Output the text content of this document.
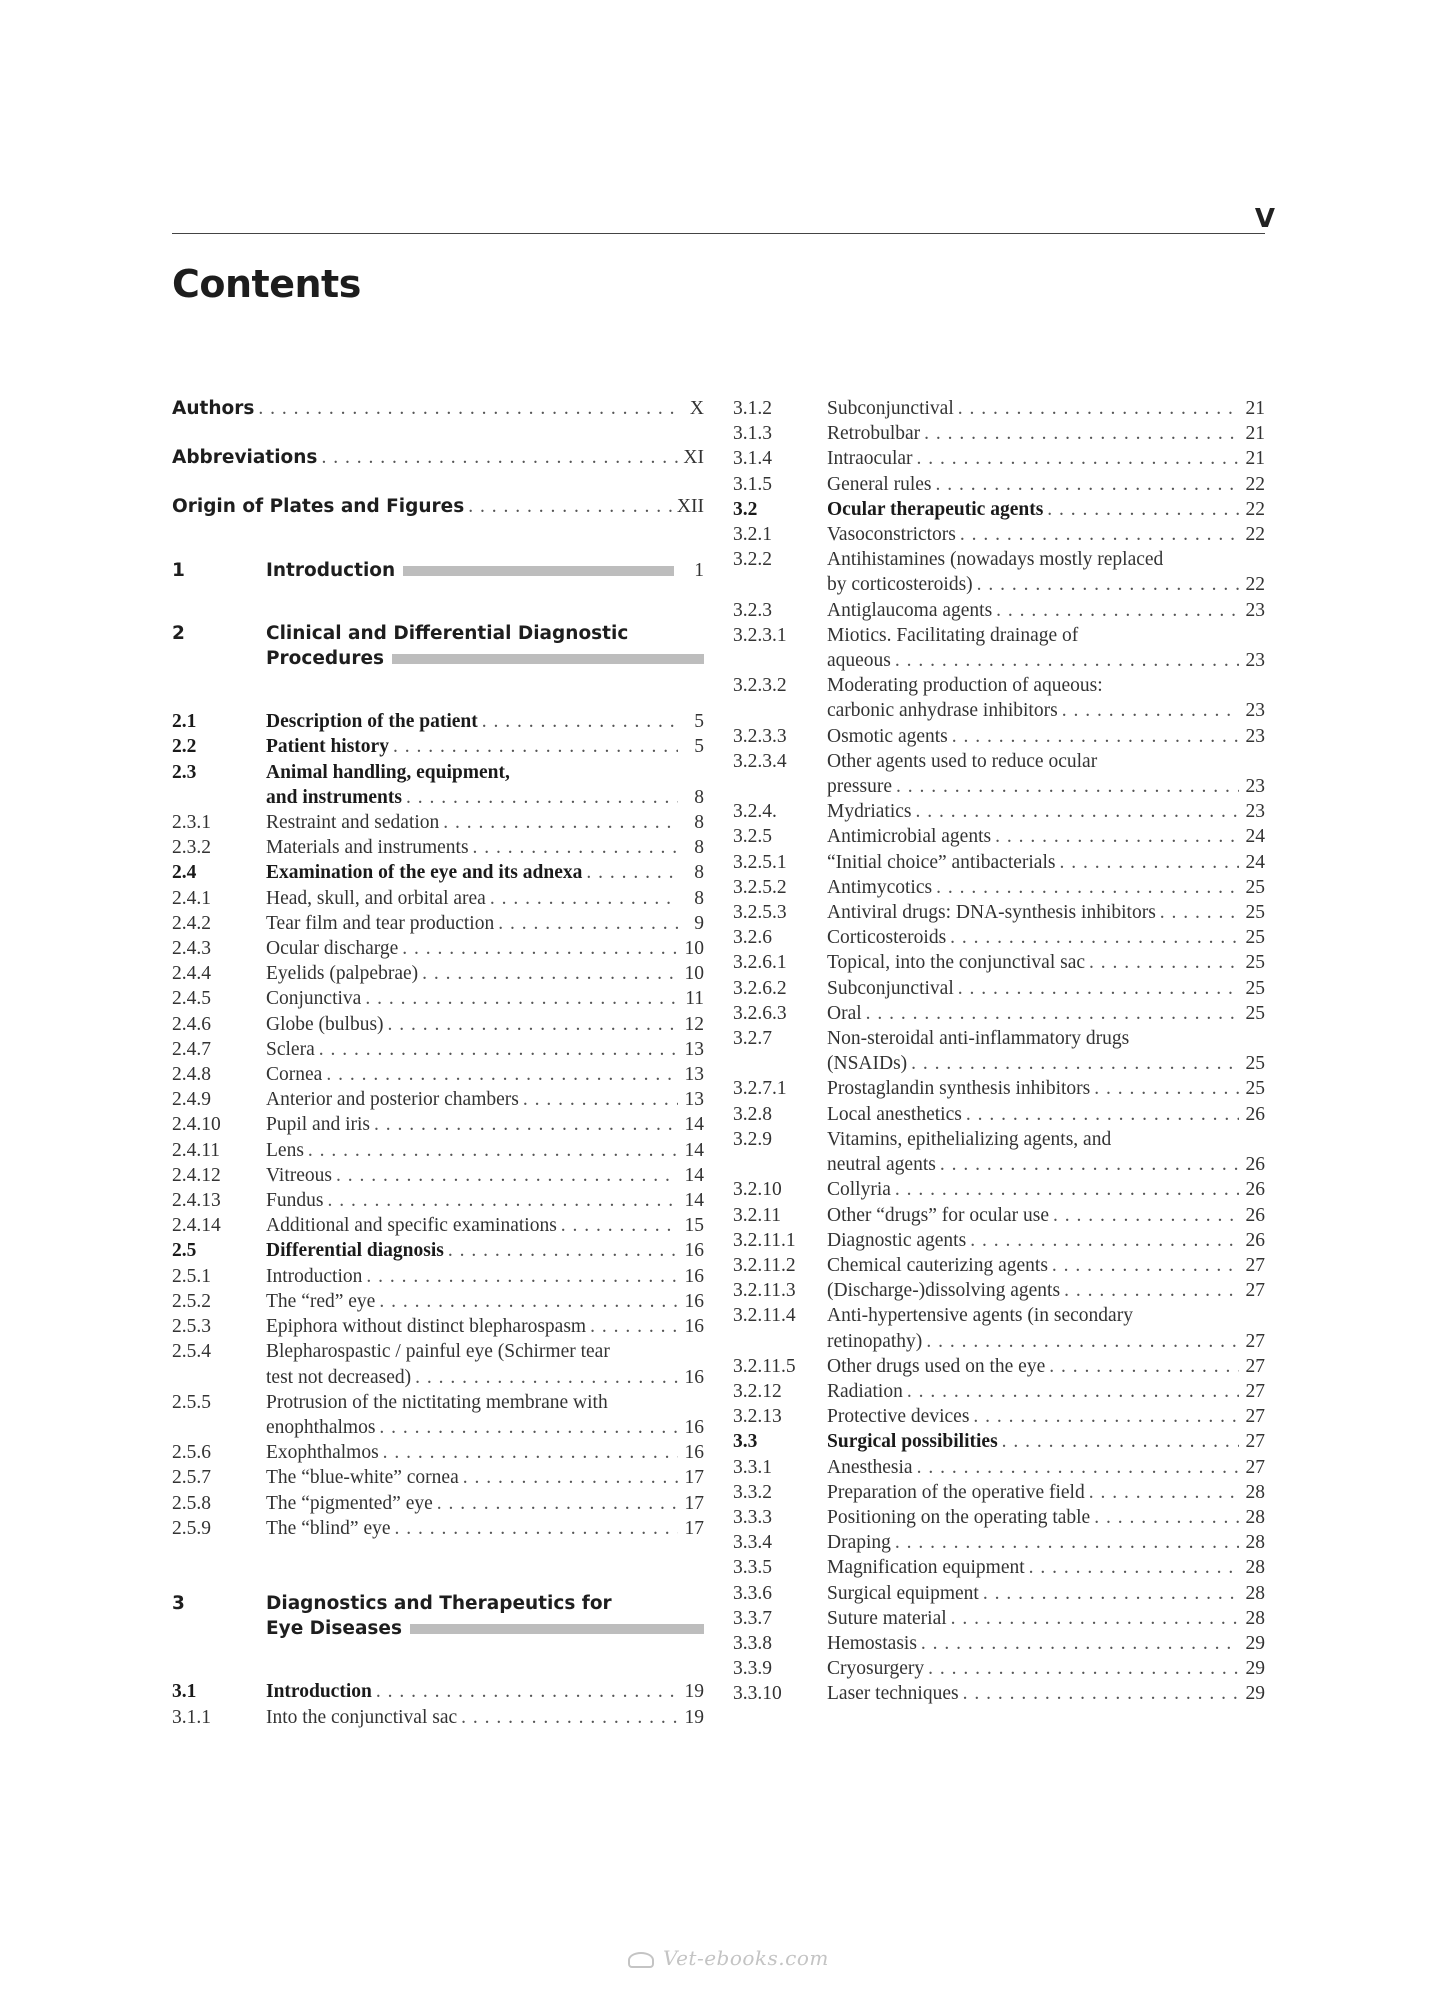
V
Contents
Authors . . .	X
Abbreviations . . .	XI
Origin of Plates and Figures . . .	XII
1	Introduction	1
2	Clinical and Differential Diagnostic
Procedures
2.1	Description of the patient . . .	5
2.2	Patient history . . .	5
2.3	Animal handling, equipment,
and instruments . . .	8
2.3.1	Restraint and sedation . . .	8
2.3.2	Materials and instruments . . .	8
2.4	Examination of the eye and its adnexa . . .	8
2.4.1	Head, skull, and orbital area . . .	8
2.4.2	Tear film and tear production . . .	9
2.4.3	Ocular discharge . . .	10
2.4.4	Eyelids (palpebrae) . . .	10
2.4.5	Conjunctiva . . .	11
2.4.6	Globe (bulbus) . . .	12
2.4.7	Sclera . . .	13
2.4.8	Cornea . . .	13
2.4.9	Anterior and posterior chambers . . .	13
2.4.10	Pupil and iris . . .	14
2.4.11	Lens . . .	14
2.4.12	Vitreous . . .	14
2.4.13	Fundus . . .	14
2.4.14	Additional and specific examinations . . .	15
2.5	Differential diagnosis . . .	16
2.5.1	Introduction . . .	16
2.5.2	The “red” eye . . .	16
2.5.3	Epiphora without distinct blepharospasm . . .	16
2.5.4	Blepharospastic / painful eye (Schirmer tear
test not decreased) . . .	16
2.5.5	Protrusion of the nictitating membrane with
enophthalmos . . .	16
2.5.6	Exophthalmos . . .	16
2.5.7	The “blue-white” cornea . . .	17
2.5.8	The “pigmented” eye . . .	17
2.5.9	The “blind” eye . . .	17
3	Diagnostics and Therapeutics for
Eye Diseases
3.1	Introduction . . .	19
3.1.1	Into the conjunctival sac . . .	19
3.1.2	Subconjunctival . . .	21
3.1.3	Retrobulbar . . .	21
3.1.4	Intraocular . . .	21
3.1.5	General rules . . .	22
3.2	Ocular therapeutic agents . . .	22
3.2.1	Vasoconstrictors . . .	22
3.2.2	Antihistamines (nowadays mostly replaced
by corticosteroids) . . .	22
3.2.3	Antiglaucoma agents . . .	23
3.2.3.1	Miotics. Facilitating drainage of
aqueous . . .	23
3.2.3.2	Moderating production of aqueous:
carbonic anhydrase inhibitors . . .	23
3.2.3.3	Osmotic agents . . .	23
3.2.3.4	Other agents used to reduce ocular
pressure . . .	23
3.2.4.	Mydriatics . . .	23
3.2.5	Antimicrobial agents . . .	24
3.2.5.1	“Initial choice” antibacterials . . .	24
3.2.5.2	Antimycotics . . .	25
3.2.5.3	Antiviral drugs: DNA-synthesis inhibitors . . .	25
3.2.6	Corticosteroids . . .	25
3.2.6.1	Topical, into the conjunctival sac . . .	25
3.2.6.2	Subconjunctival . . .	25
3.2.6.3	Oral . . .	25
3.2.7	Non-steroidal anti-inflammatory drugs
(NSAIDs) . . .	25
3.2.7.1	Prostaglandin synthesis inhibitors . . .	25
3.2.8	Local anesthetics . . .	26
3.2.9	Vitamins, epithelializing agents, and
neutral agents . . .	26
3.2.10	Collyria . . .	26
3.2.11	Other “drugs” for ocular use . . .	26
3.2.11.1	Diagnostic agents . . .	26
3.2.11.2	Chemical cauterizing agents . . .	27
3.2.11.3	(Discharge-)dissolving agents . . .	27
3.2.11.4	Anti-hypertensive agents (in secondary
retinopathy) . . .	27
3.2.11.5	Other drugs used on the eye . . .	27
3.2.12	Radiation . . .	27
3.2.13	Protective devices . . .	27
3.3	Surgical possibilities . . .	27
3.3.1	Anesthesia . . .	27
3.3.2	Preparation of the operative field . . .	28
3.3.3	Positioning on the operating table . . .	28
3.3.4	Draping . . .	28
3.3.5	Magnification equipment . . .	28
3.3.6	Surgical equipment . . .	28
3.3.7	Suture material . . .	28
3.3.8	Hemostasis . . .	29
3.3.9	Cryosurgery . . .	29
3.3.10	Laser techniques . . .	29
Vet-ebooks.com
